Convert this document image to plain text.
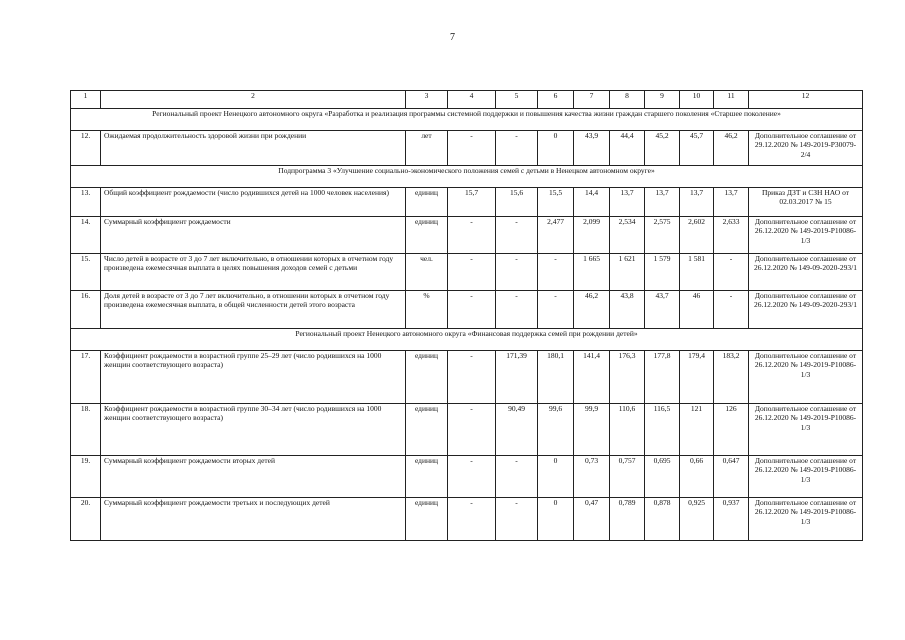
7
1	2	3	4	5	6	7	8	9	10	11	12
Региональный проект Ненецкого автономного округа «Разработка и реализация программы системной поддержки и повышения качества жизни граждан старшего поколения «Старшее поколение»											
12.	Ожидаемая продолжительность здоровой жизни при рождении	лет	-	-	0	43,9	44,4	45,2	45,7	46,2	Дополнительное соглашение от 29.12.2020 № 149-2019-Р30079-2/4
Подпрограмма 3 «Улучшение социально-экономического положения семей с детьми в Ненецком автономном округе»											
13.	Общий коэффициент рождаемости (число родившихся детей на 1000 человек населения)	единиц	15,7	15,6	15,5	14,4	13,7	13,7	13,7	13,7	Приказ ДЗТ и СЗН НАО от 02.03.2017 № 15
14.	Суммарный коэффициент рождаемости	единиц	-	-	2,477	2,099	2,534	2,575	2,602	2,633	Дополнительное соглашение от 26.12.2020 № 149-2019-Р10086-1/3
15.	Число детей в возрасте от 3 до 7 лет включительно, в отношении которых в отчетном году произведена ежемесячная выплата в целях повышения доходов семей с детьми	чел.	-	-	-	1 665	1 621	1 579	1 581	-	Дополнительное соглашение от 26.12.2020 № 149-09-2020-293/1
16.	Доля детей в возрасте от 3 до 7 лет включительно, в отношении которых в отчетном году произведена ежемесячная выплата, в общей численности детей этого возраста	%	-	-	-	46,2	43,8	43,7	46	-	Дополнительное соглашение от 26.12.2020 № 149-09-2020-293/1
Региональный проект Ненецкого автономного округа «Финансовая поддержка семей при рождении детей»											
17.	Коэффициент рождаемости в возрастной группе 25–29 лет (число родившихся на 1000 женщин соответствующего возраста)	единиц	-	171,39	180,1	141,4	176,3	177,8	179,4	183,2	Дополнительное соглашение от 26.12.2020 № 149-2019-Р10086-1/3
18.	Коэффициент рождаемости в возрастной группе 30–34 лет (число родившихся на 1000 женщин соответствующего возраста)	единиц	-	90,49	99,6	99,9	110,6	116,5	121	126	Дополнительное соглашение от 26.12.2020 № 149-2019-Р10086-1/3
19.	Суммарный коэффициент рождаемости вторых детей	единиц	-	-	0	0,73	0,757	0,695	0,66	0,647	Дополнительное соглашение от 26.12.2020 № 149-2019-Р10086-1/3
20.	Суммарный коэффициент рождаемости третьих и последующих детей	единиц	-	-	0	0,47	0,789	0,878	0,925	0,937	Дополнительное соглашение от 26.12.2020 № 149-2019-Р10086-1/3
